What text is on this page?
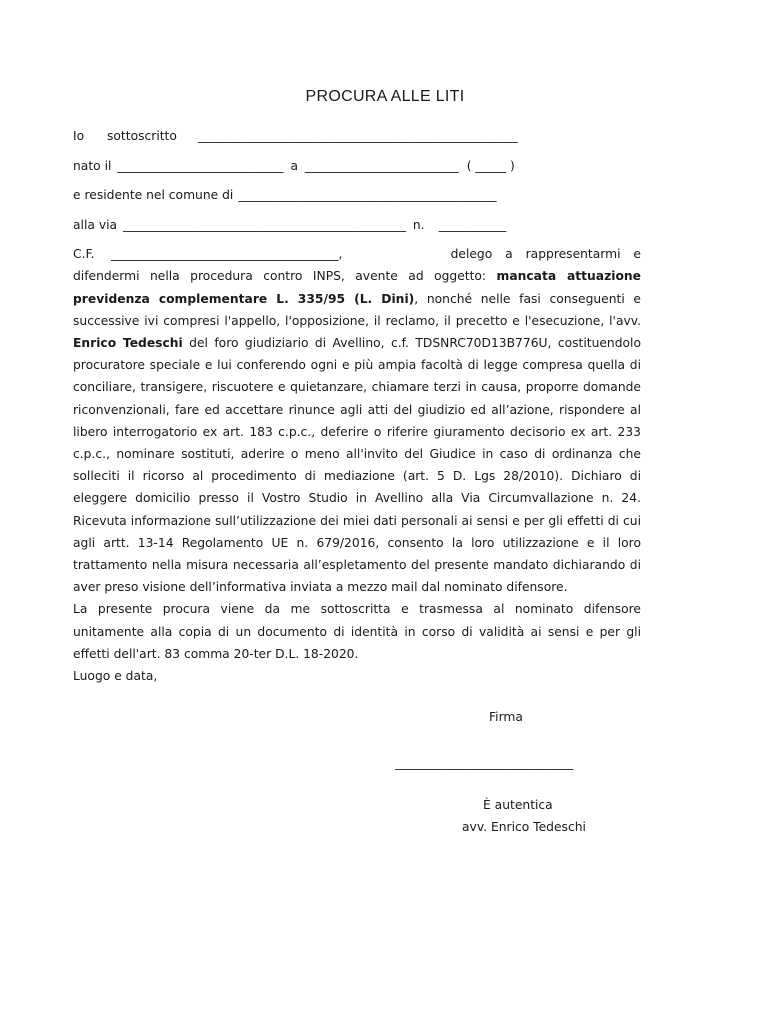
PROCURA ALLE LITI
Io	sottoscritto	____________________________________________________
nato il ___________________________ a _________________________ ( _____ )
e residente nel comune di __________________________________________
alla via ______________________________________________ n. ___________
C.F.	_____________________________________,	delego a rappresentarmi e

difendermi nella procedura contro INPS, avente ad oggetto: mancata attuazione previdenza complementare L. 335/95 (L. Dini), nonché nelle fasi conseguenti e successive ivi compresi l'appello, l'opposizione, il reclamo, il precetto e l'esecuzione, l'avv. Enrico Tedeschi del foro giudiziario di Avellino, c.f. TDSNRC70D13B776U, costituendolo procuratore speciale e lui conferendo ogni e più ampia facoltà di legge compresa quella di conciliare, transigere, riscuotere e quietanzare, chiamare terzi in causa, proporre domande riconvenzionali, fare ed accettare rinunce agli atti del giudizio ed all’azione, rispondere al libero interrogatorio ex art. 183 c.p.c., deferire o riferire giuramento decisorio ex art. 233 c.p.c., nominare sostituti, aderire o meno all'invito del Giudice in caso di ordinanza che solleciti il ricorso al procedimento di mediazione (art. 5 D. Lgs 28/2010). Dichiaro di eleggere domicilio presso il Vostro Studio in Avellino alla Via Circumvallazione n. 24. Ricevuta informazione sull’utilizzazione dei miei dati personali ai sensi e per gli effetti di cui agli artt. 13-14 Regolamento UE n. 679/2016, consento la loro utilizzazione e il loro trattamento nella misura necessaria all’espletamento del presente mandato dichiarando di aver preso visione dell’informativa inviata a mezzo mail dal nominato difensore.

La presente procura viene da me sottoscritta e trasmessa al nominato difensore unitamente alla copia di un documento di identità in corso di validità ai sensi e per gli effetti dell'art. 83 comma 20-ter D.L. 18-2020.

Luogo e data,

Firma
_____________________________
È autentica
avv. Enrico Tedeschi
